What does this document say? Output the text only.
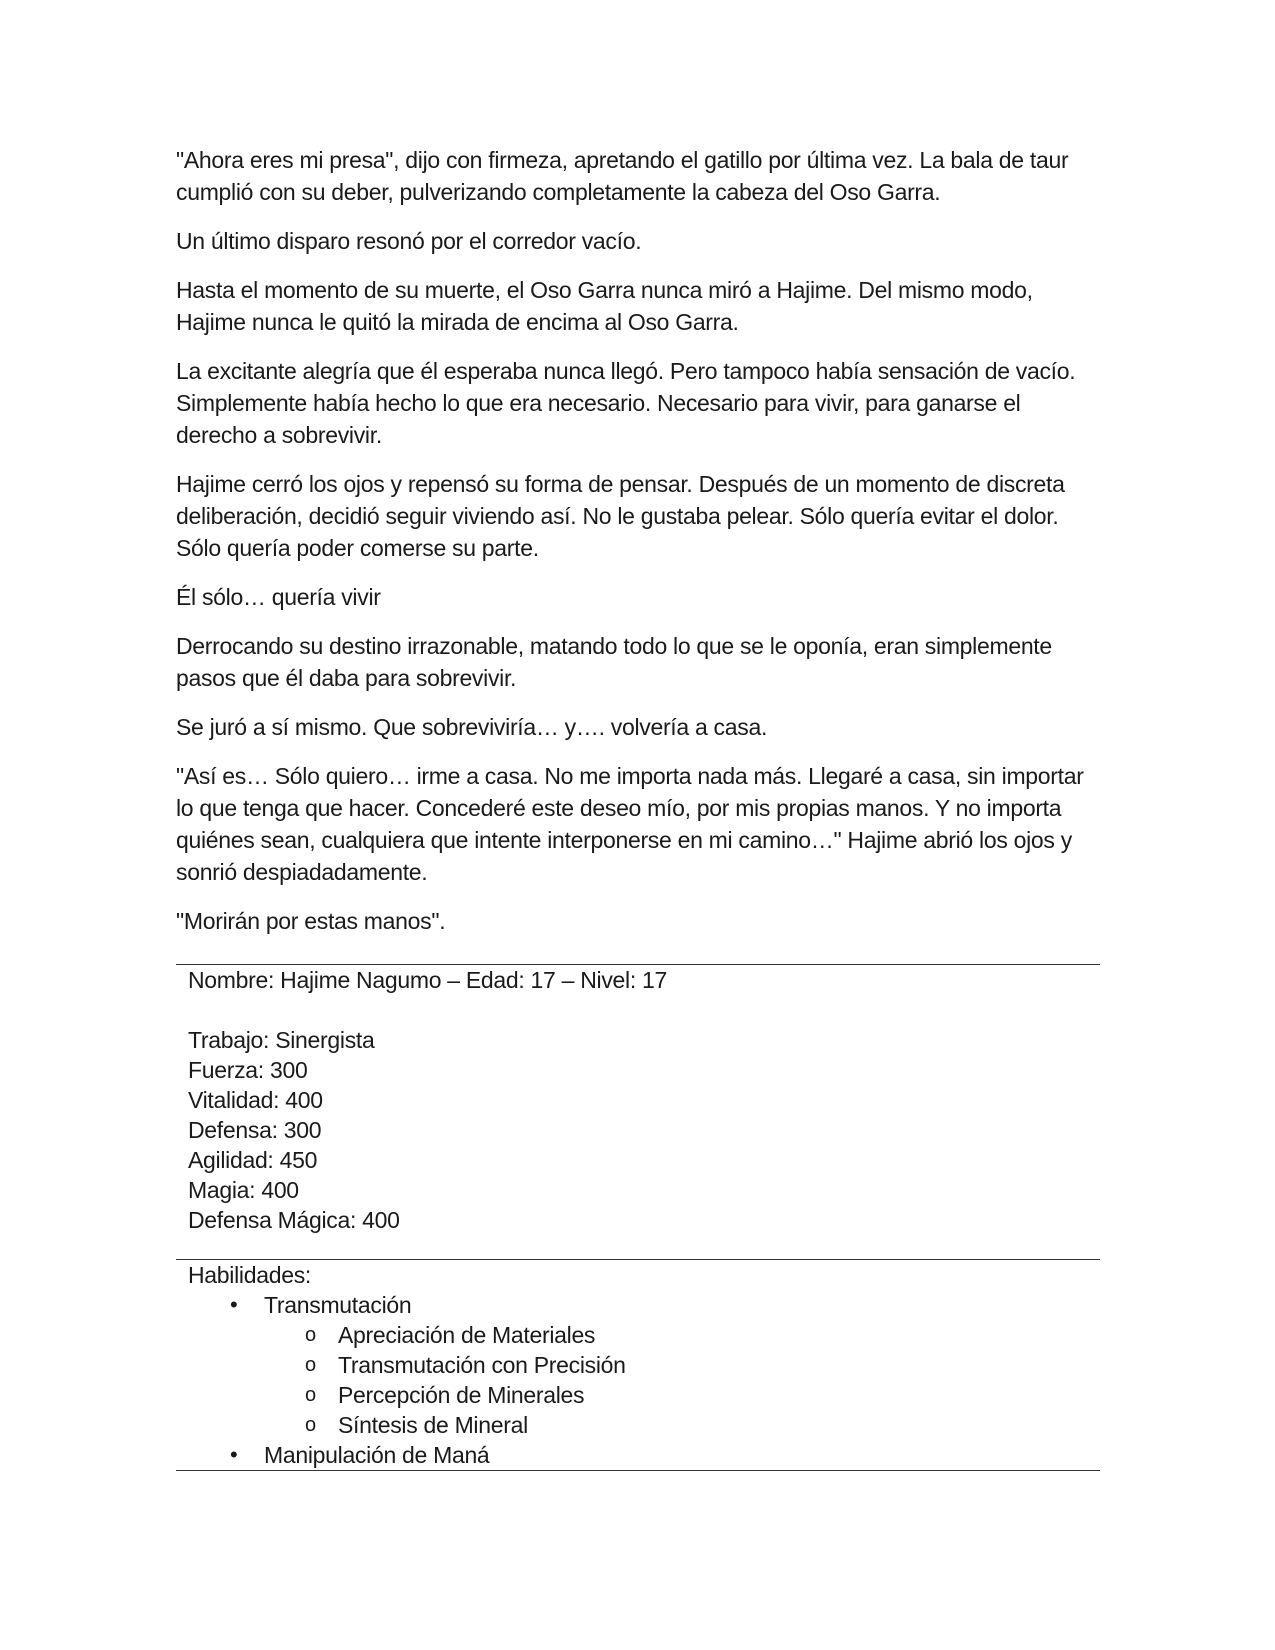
"Ahora eres mi presa", dijo con firmeza, apretando el gatillo por última vez. La bala de taur cumplió con su deber, pulverizando completamente la cabeza del Oso Garra.

Un último disparo resonó por el corredor vacío.

Hasta el momento de su muerte, el Oso Garra nunca miró a Hajime. Del mismo modo, Hajime nunca le quitó la mirada de encima al Oso Garra.

La excitante alegría que él esperaba nunca llegó. Pero tampoco había sensación de vacío. Simplemente había hecho lo que era necesario. Necesario para vivir, para ganarse el derecho a sobrevivir.

Hajime cerró los ojos y repensó su forma de pensar. Después de un momento de discreta deliberación, decidió seguir viviendo así. No le gustaba pelear. Sólo quería evitar el dolor. Sólo quería poder comerse su parte.

Él sólo… quería vivir

Derrocando su destino irrazonable, matando todo lo que se le oponía, eran simplemente pasos que él daba para sobrevivir.

Se juró a sí mismo. Que sobreviviría… y…. volvería a casa.

"Así es… Sólo quiero… irme a casa. No me importa nada más. Llegaré a casa, sin importar lo que tenga que hacer. Concederé este deseo mío, por mis propias manos. Y no importa quiénes sean, cualquiera que intente interponerse en mi camino…" Hajime abrió los ojos y sonrió despiadadamente.

"Morirán por estas manos".

Nombre: Hajime Nagumo – Edad: 17 – Nivel: 17
Trabajo: Sinergista
Fuerza: 300
Vitalidad: 400
Defensa: 300
Agilidad: 450
Magia: 400
Defensa Mágica: 400
Habilidades:
• Transmutación
o Apreciación de Materiales
o Transmutación con Precisión
o Percepción de Minerales
o Síntesis de Mineral
• Manipulación de Maná
